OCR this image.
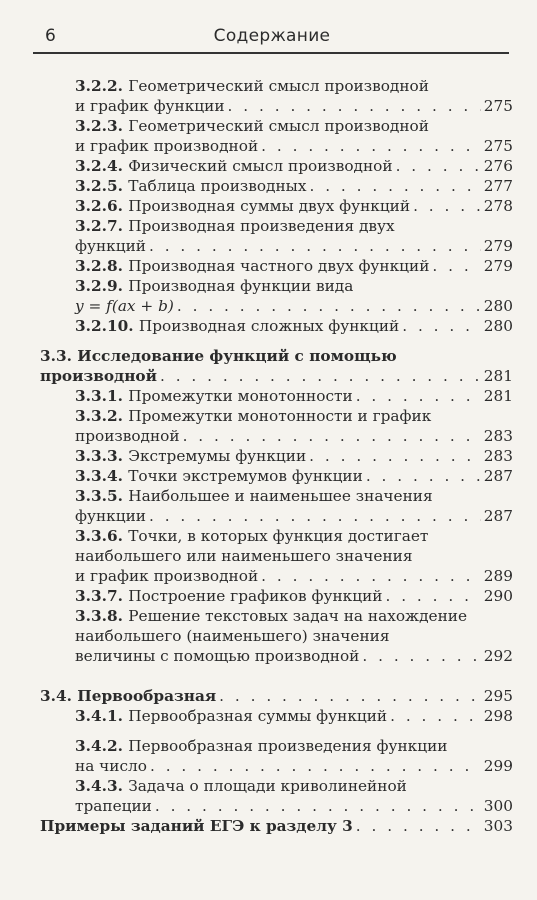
6	Содержание
3.2.2. Геометрический смысл производной
и график функции . . .	275
3.2.3. Геометрический смысл производной
и график производной . . .	275
3.2.4. Физический смысл производной . . .	276
3.2.5. Таблица производных . . .	277
3.2.6. Производная суммы двух функций . . .	278
3.2.7. Производная произведения двух
функций . . .	279
3.2.8. Производная частного двух функций . . .	279
3.2.9. Производная функции вида
y = f(ax + b) . . .	280
3.2.10. Производная сложных функций . . .	280
3.3. Исследование функций с помощью
производной . . .	281
3.3.1. Промежутки монотонности . . .	281
3.3.2. Промежутки монотонности и график
производной . . .	283
3.3.3. Экстремумы функции . . .	283
3.3.4. Точки экстремумов функции . . .	287
3.3.5. Наибольшее и наименьшее значения
функции . . .	287
3.3.6. Точки, в которых функция достигает
наибольшего или наименьшего значения
и график производной . . .	289
3.3.7. Построение графиков функций . . .	290
3.3.8. Решение текстовых задач на нахождение
наибольшего (наименьшего) значения
величины с помощью производной . . .	292
3.4. Первообразная . . .	295
3.4.1. Первообразная суммы функций . . .	298
3.4.2. Первообразная произведения функции
на число . . .	299
3.4.3. Задача о площади криволинейной
трапеции . . .	300
Примеры заданий ЕГЭ к разделу 3 . . .	303
